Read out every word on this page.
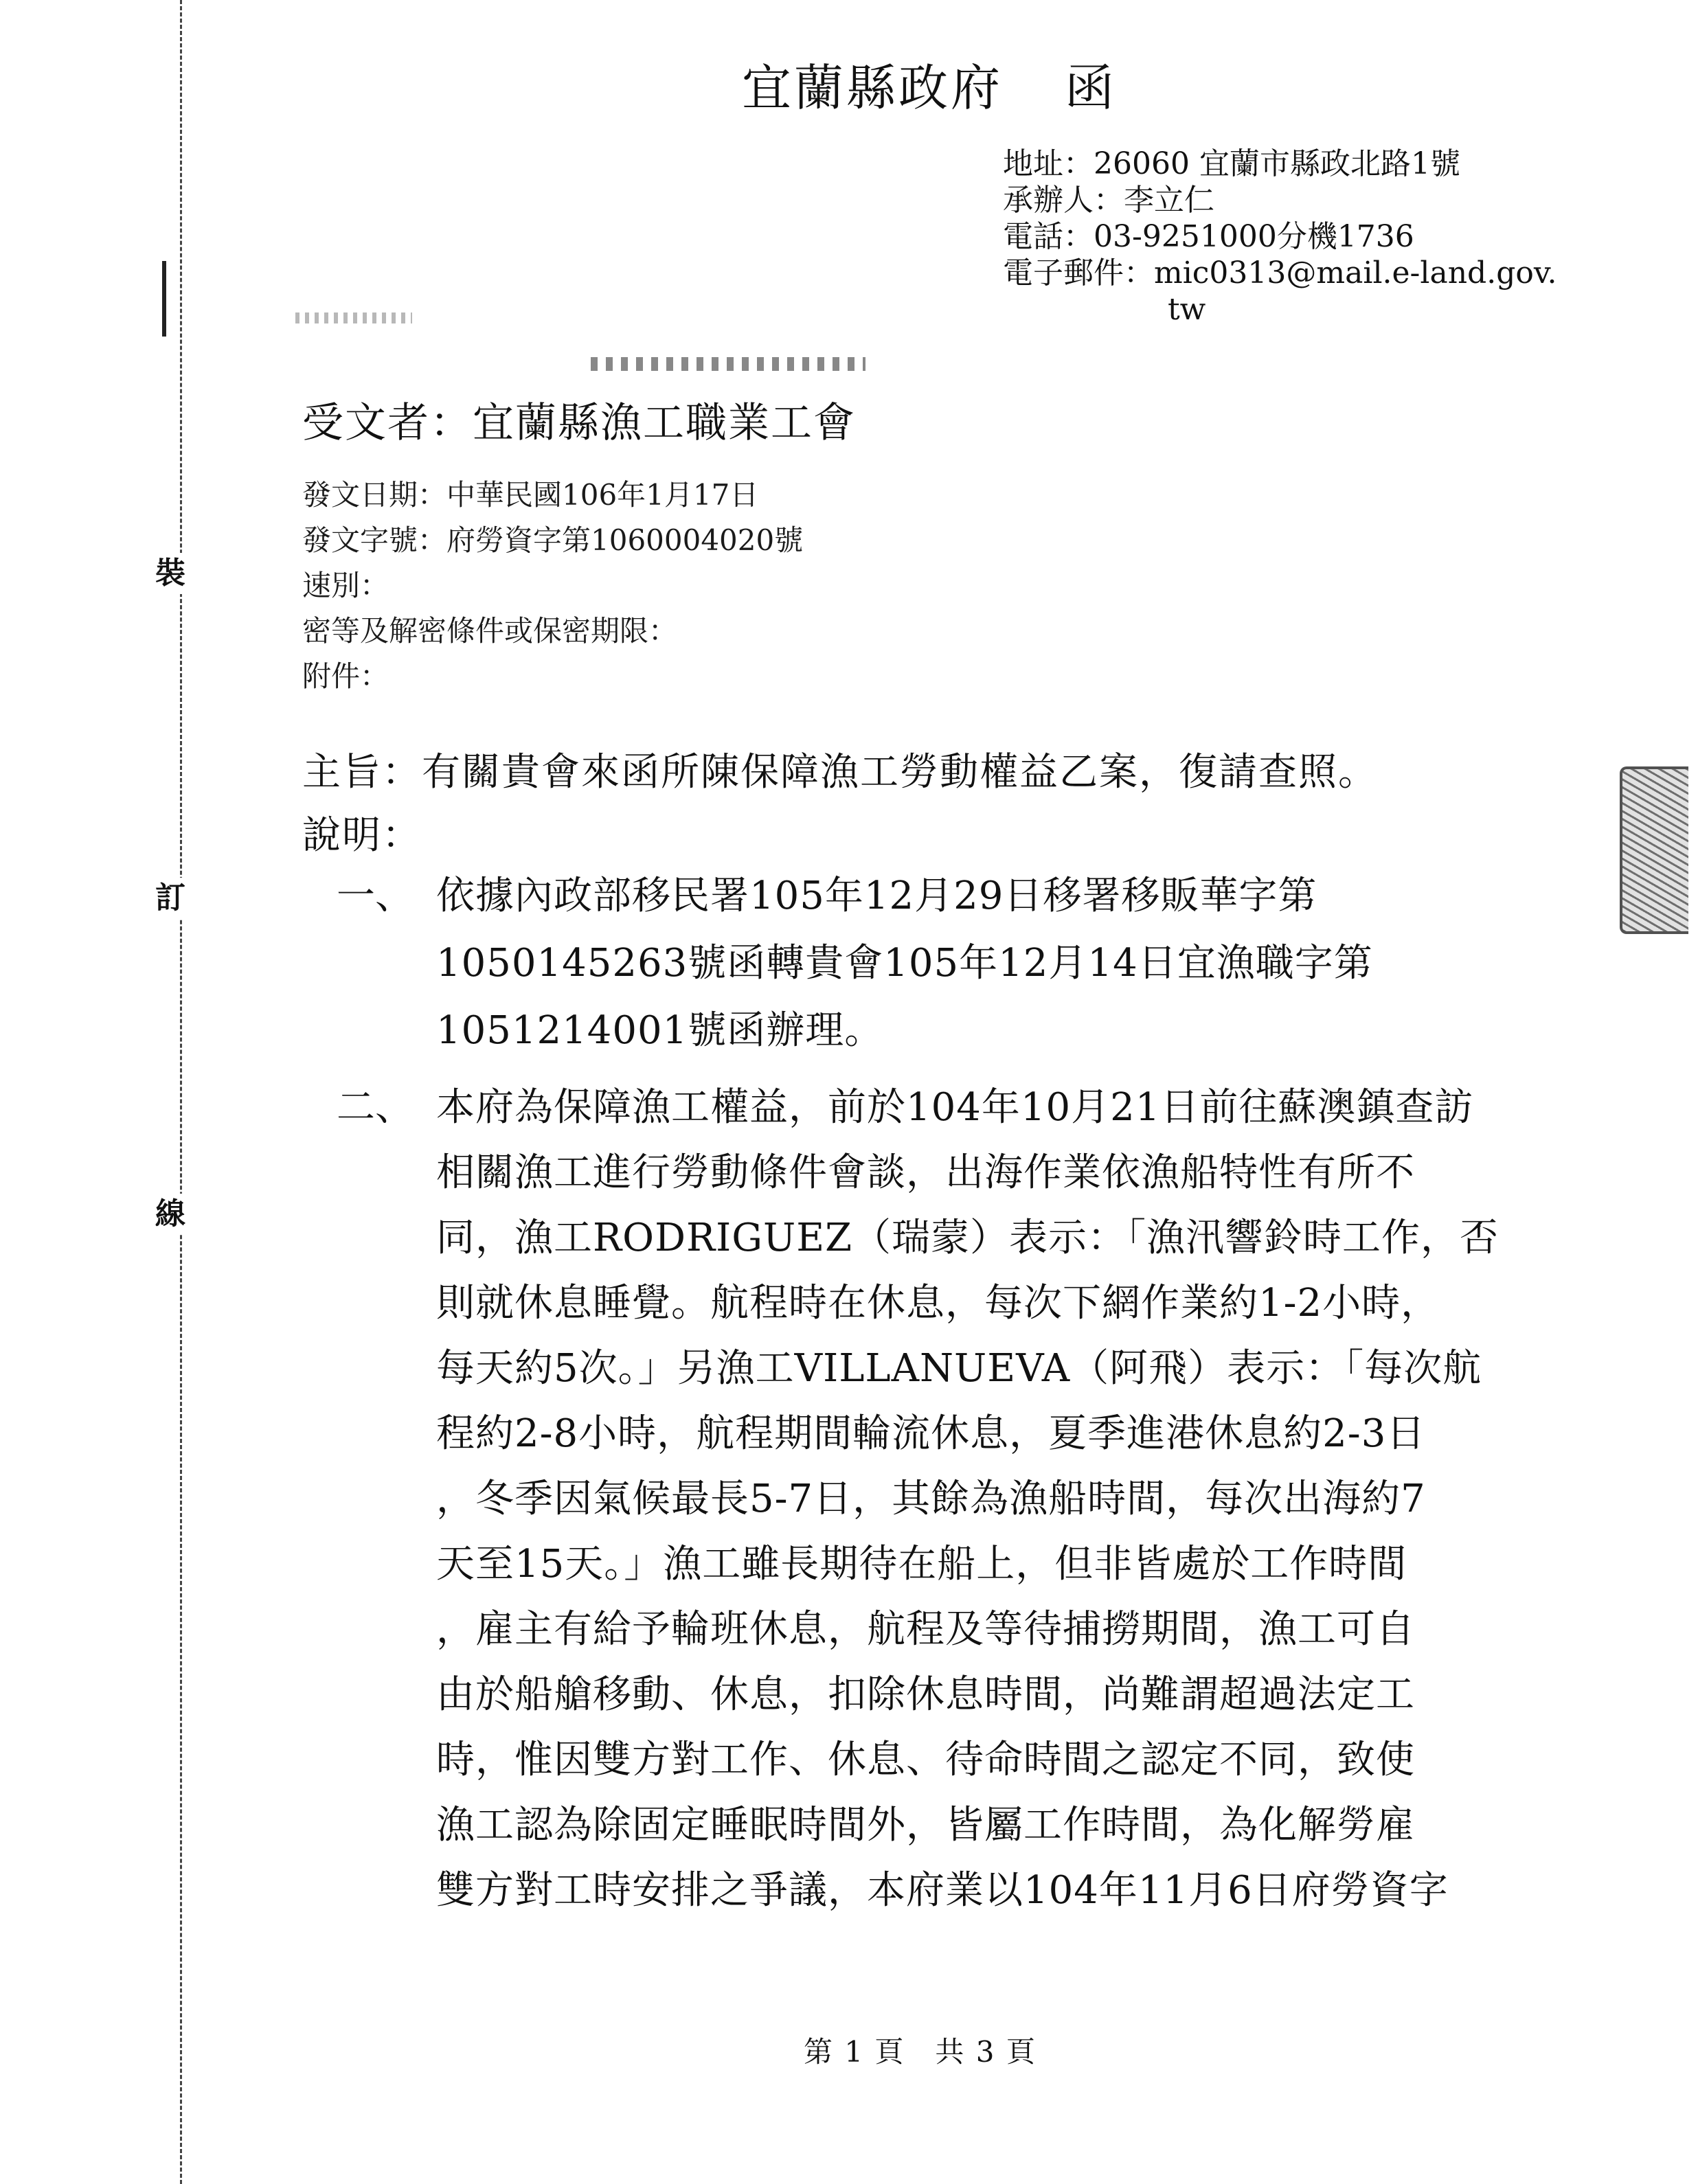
裝
訂
線
宜蘭縣政府 函
地址：26060 宜蘭市縣政北路1號
承辦人：李立仁
電話：03-9251000分機1736
電子郵件：mic0313@mail.e-land.gov.
tw
受文者：宜蘭縣漁工職業工會
發文日期：中華民國106年1月17日
發文字號：府勞資字第1060004020號
速別：
密等及解密條件或保密期限：
附件：
主旨：有關貴會來函所陳保障漁工勞動權益乙案，復請查照。
說明：
一、 依據內政部移民署105年12月29日移署移販華字第
1050145263號函轉貴會105年12月14日宜漁職字第
1051214001號函辦理。
二、 本府為保障漁工權益，前於104年10月21日前往蘇澳鎮查訪
相關漁工進行勞動條件會談，出海作業依漁船特性有所不
同，漁工RODRIGUEZ（瑞蒙）表示：「漁汛響鈴時工作，否
則就休息睡覺。航程時在休息，每次下網作業約1-2小時，
每天約5次。」另漁工VILLANUEVA（阿飛）表示：「每次航
程約2-8小時，航程期間輪流休息，夏季進港休息約2-3日
，冬季因氣候最長5-7日，其餘為漁船時間，每次出海約7
天至15天。」漁工雖長期待在船上，但非皆處於工作時間
，雇主有給予輪班休息，航程及等待捕撈期間，漁工可自
由於船艙移動、休息，扣除休息時間，尚難謂超過法定工
時，惟因雙方對工作、休息、待命時間之認定不同，致使
漁工認為除固定睡眠時間外，皆屬工作時間，為化解勞雇
雙方對工時安排之爭議，本府業以104年11月6日府勞資字
第 1 頁　共 3 頁
